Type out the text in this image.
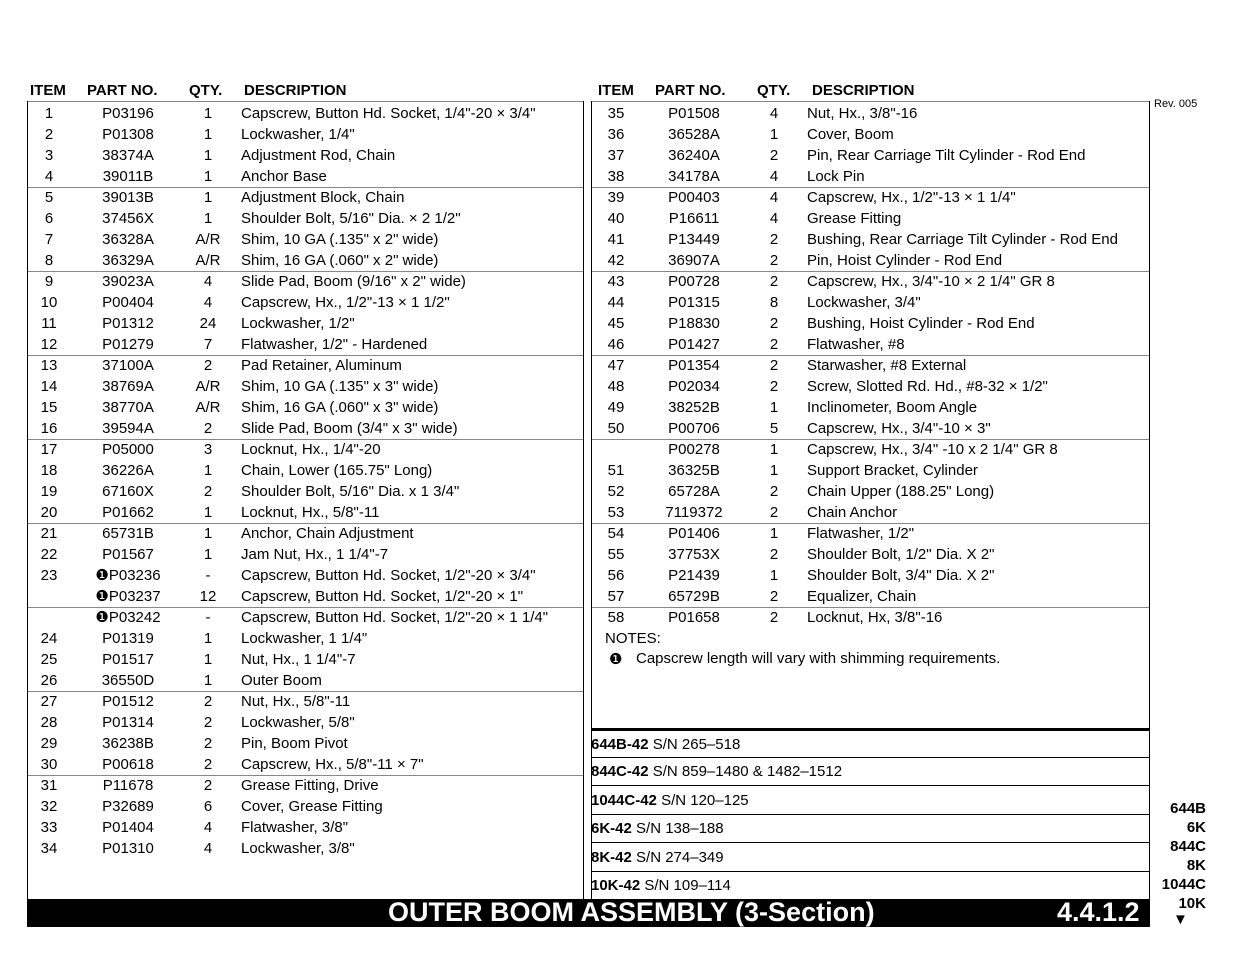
ITEM PART NO. QTY. DESCRIPTION	ITEM PART NO. QTY. DESCRIPTION
1	P03196	1	Capscrew, Button Hd. Socket, 1/4"-20 × 3/4"
2	P01308	1	Lockwasher, 1/4"
3	38374A	1	Adjustment Rod, Chain
4	39011B	1	Anchor Base
5	39013B	1	Adjustment Block, Chain
6	37456X	1	Shoulder Bolt, 5/16" Dia. × 2 1/2"
7	36328A	A/R	Shim, 10 GA (.135" x 2" wide)
8	36329A	A/R	Shim, 16 GA (.060" x 2" wide)
9	39023A	4	Slide Pad, Boom (9/16" x 2" wide)
10	P00404	4	Capscrew, Hx., 1/2"-13 × 1 1/2"
11	P01312	24	Lockwasher, 1/2"
12	P01279	7	Flatwasher, 1/2" - Hardened
13	37100A	2	Pad Retainer, Aluminum
14	38769A	A/R	Shim, 10 GA (.135" x 3" wide)
15	38770A	A/R	Shim, 16 GA (.060" x 3" wide)
16	39594A	2	Slide Pad, Boom (3/4" x 3" wide)
17	P05000	3	Locknut, Hx., 1/4"-20
18	36226A	1	Chain, Lower (165.75" Long)
19	67160X	2	Shoulder Bolt, 5/16" Dia. x 1 3/4"
20	P01662	1	Locknut, Hx., 5/8"-11
21	65731B	1	Anchor, Chain Adjustment
22	P01567	1	Jam Nut, Hx., 1 1/4"-7
23	❶P03236	-	Capscrew, Button Hd. Socket, 1/2"-20 × 3/4"
❶P03237	12	Capscrew, Button Hd. Socket, 1/2"-20 × 1"
❶P03242	-	Capscrew, Button Hd. Socket, 1/2"-20 × 1 1/4"
24	P01319	1	Lockwasher, 1 1/4"
25	P01517	1	Nut, Hx., 1 1/4"-7
26	36550D	1	Outer Boom
27	P01512	2	Nut, Hx., 5/8"-11
28	P01314	2	Lockwasher, 5/8"
29	36238B	2	Pin, Boom Pivot
30	P00618	2	Capscrew, Hx., 5/8"-11 × 7"
31	P11678	2	Grease Fitting, Drive
32	P32689	6	Cover, Grease Fitting
33	P01404	4	Flatwasher, 3/8"
34	P01310	4	Lockwasher, 3/8"
NOTES:
❶ Capscrew length will vary with shimming requirements.
35	P01508	4	Nut, Hx., 3/8"-16
36	36528A	1	Cover, Boom
37	36240A	2	Pin, Rear Carriage Tilt Cylinder - Rod End
38	34178A	4	Lock Pin
39	P00403	4	Capscrew, Hx., 1/2"-13 × 1 1/4"
40	P16611	4	Grease Fitting
41	P13449	2	Bushing, Rear Carriage Tilt Cylinder - Rod End
42	36907A	2	Pin, Hoist Cylinder - Rod End
43	P00728	2	Capscrew, Hx., 3/4"-10 × 2 1/4" GR 8
44	P01315	8	Lockwasher, 3/4"
45	P18830	2	Bushing, Hoist Cylinder - Rod End
46	P01427	2	Flatwasher, #8
47	P01354	2	Starwasher, #8 External
48	P02034	2	Screw, Slotted Rd. Hd., #8-32 × 1/2"
49	38252B	1	Inclinometer, Boom Angle
50	P00706	5	Capscrew, Hx., 3/4"-10 × 3"
P00278	1	Capscrew, Hx., 3/4" -10 x 2 1/4" GR 8
51	36325B	1	Support Bracket, Cylinder
52	65728A	2	Chain Upper (188.25" Long)
53	7119372	2	Chain Anchor
54	P01406	1	Flatwasher, 1/2"
55	37753X	2	Shoulder Bolt, 1/2" Dia. X 2"
56	P21439	1	Shoulder Bolt, 3/4" Dia. X 2"
57	65729B	2	Equalizer, Chain
58	P01658	2	Locknut, Hx, 3/8"-16
644B-42 S/N 265–518
844C-42 S/N 859–1480 & 1482–1512
1044C-42 S/N 120–125
6K-42 S/N 138–188
8K-42 S/N 274–349
10K-42 S/N 109–114
Rev. 005
644B
6K
844C
8K
1044C
10K
▼
OUTER BOOM ASSEMBLY (3-Section)	4.4.1.2
